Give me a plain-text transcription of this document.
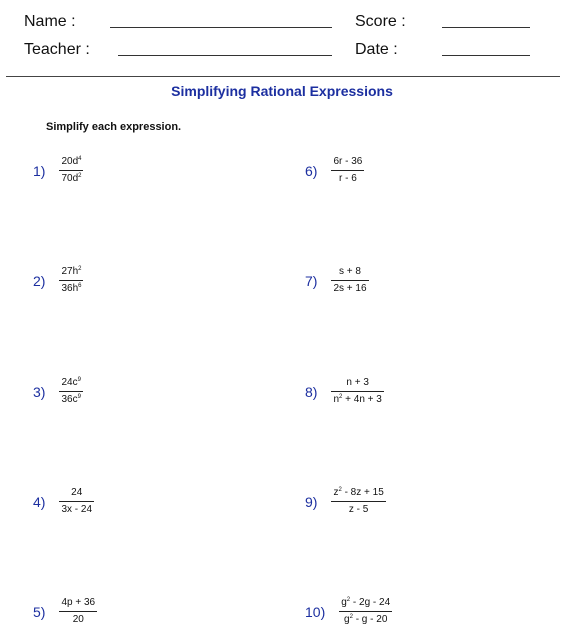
Name :
Teacher :
Score :
Date :
Simplifying Rational Expressions
Simplify each expression.
$1) \frac{20d^4}{70d^2}$
$2) \frac{27h^2}{36h^6}$
$3) \frac{24c^9}{36c^9}$
$4) \frac{24}{3x - 24}$
$5) \frac{4p + 36}{20}$
$6) \frac{6r - 36}{r - 6}$
$7) \frac{s + 8}{2s + 16}$
$8) \frac{n + 3}{n^2 + 4n + 3}$
$9) \frac{z^2 - 8z + 15}{z - 5}$
$10) \frac{g^2 - 2g - 24}{g^2 - g - 20}$
